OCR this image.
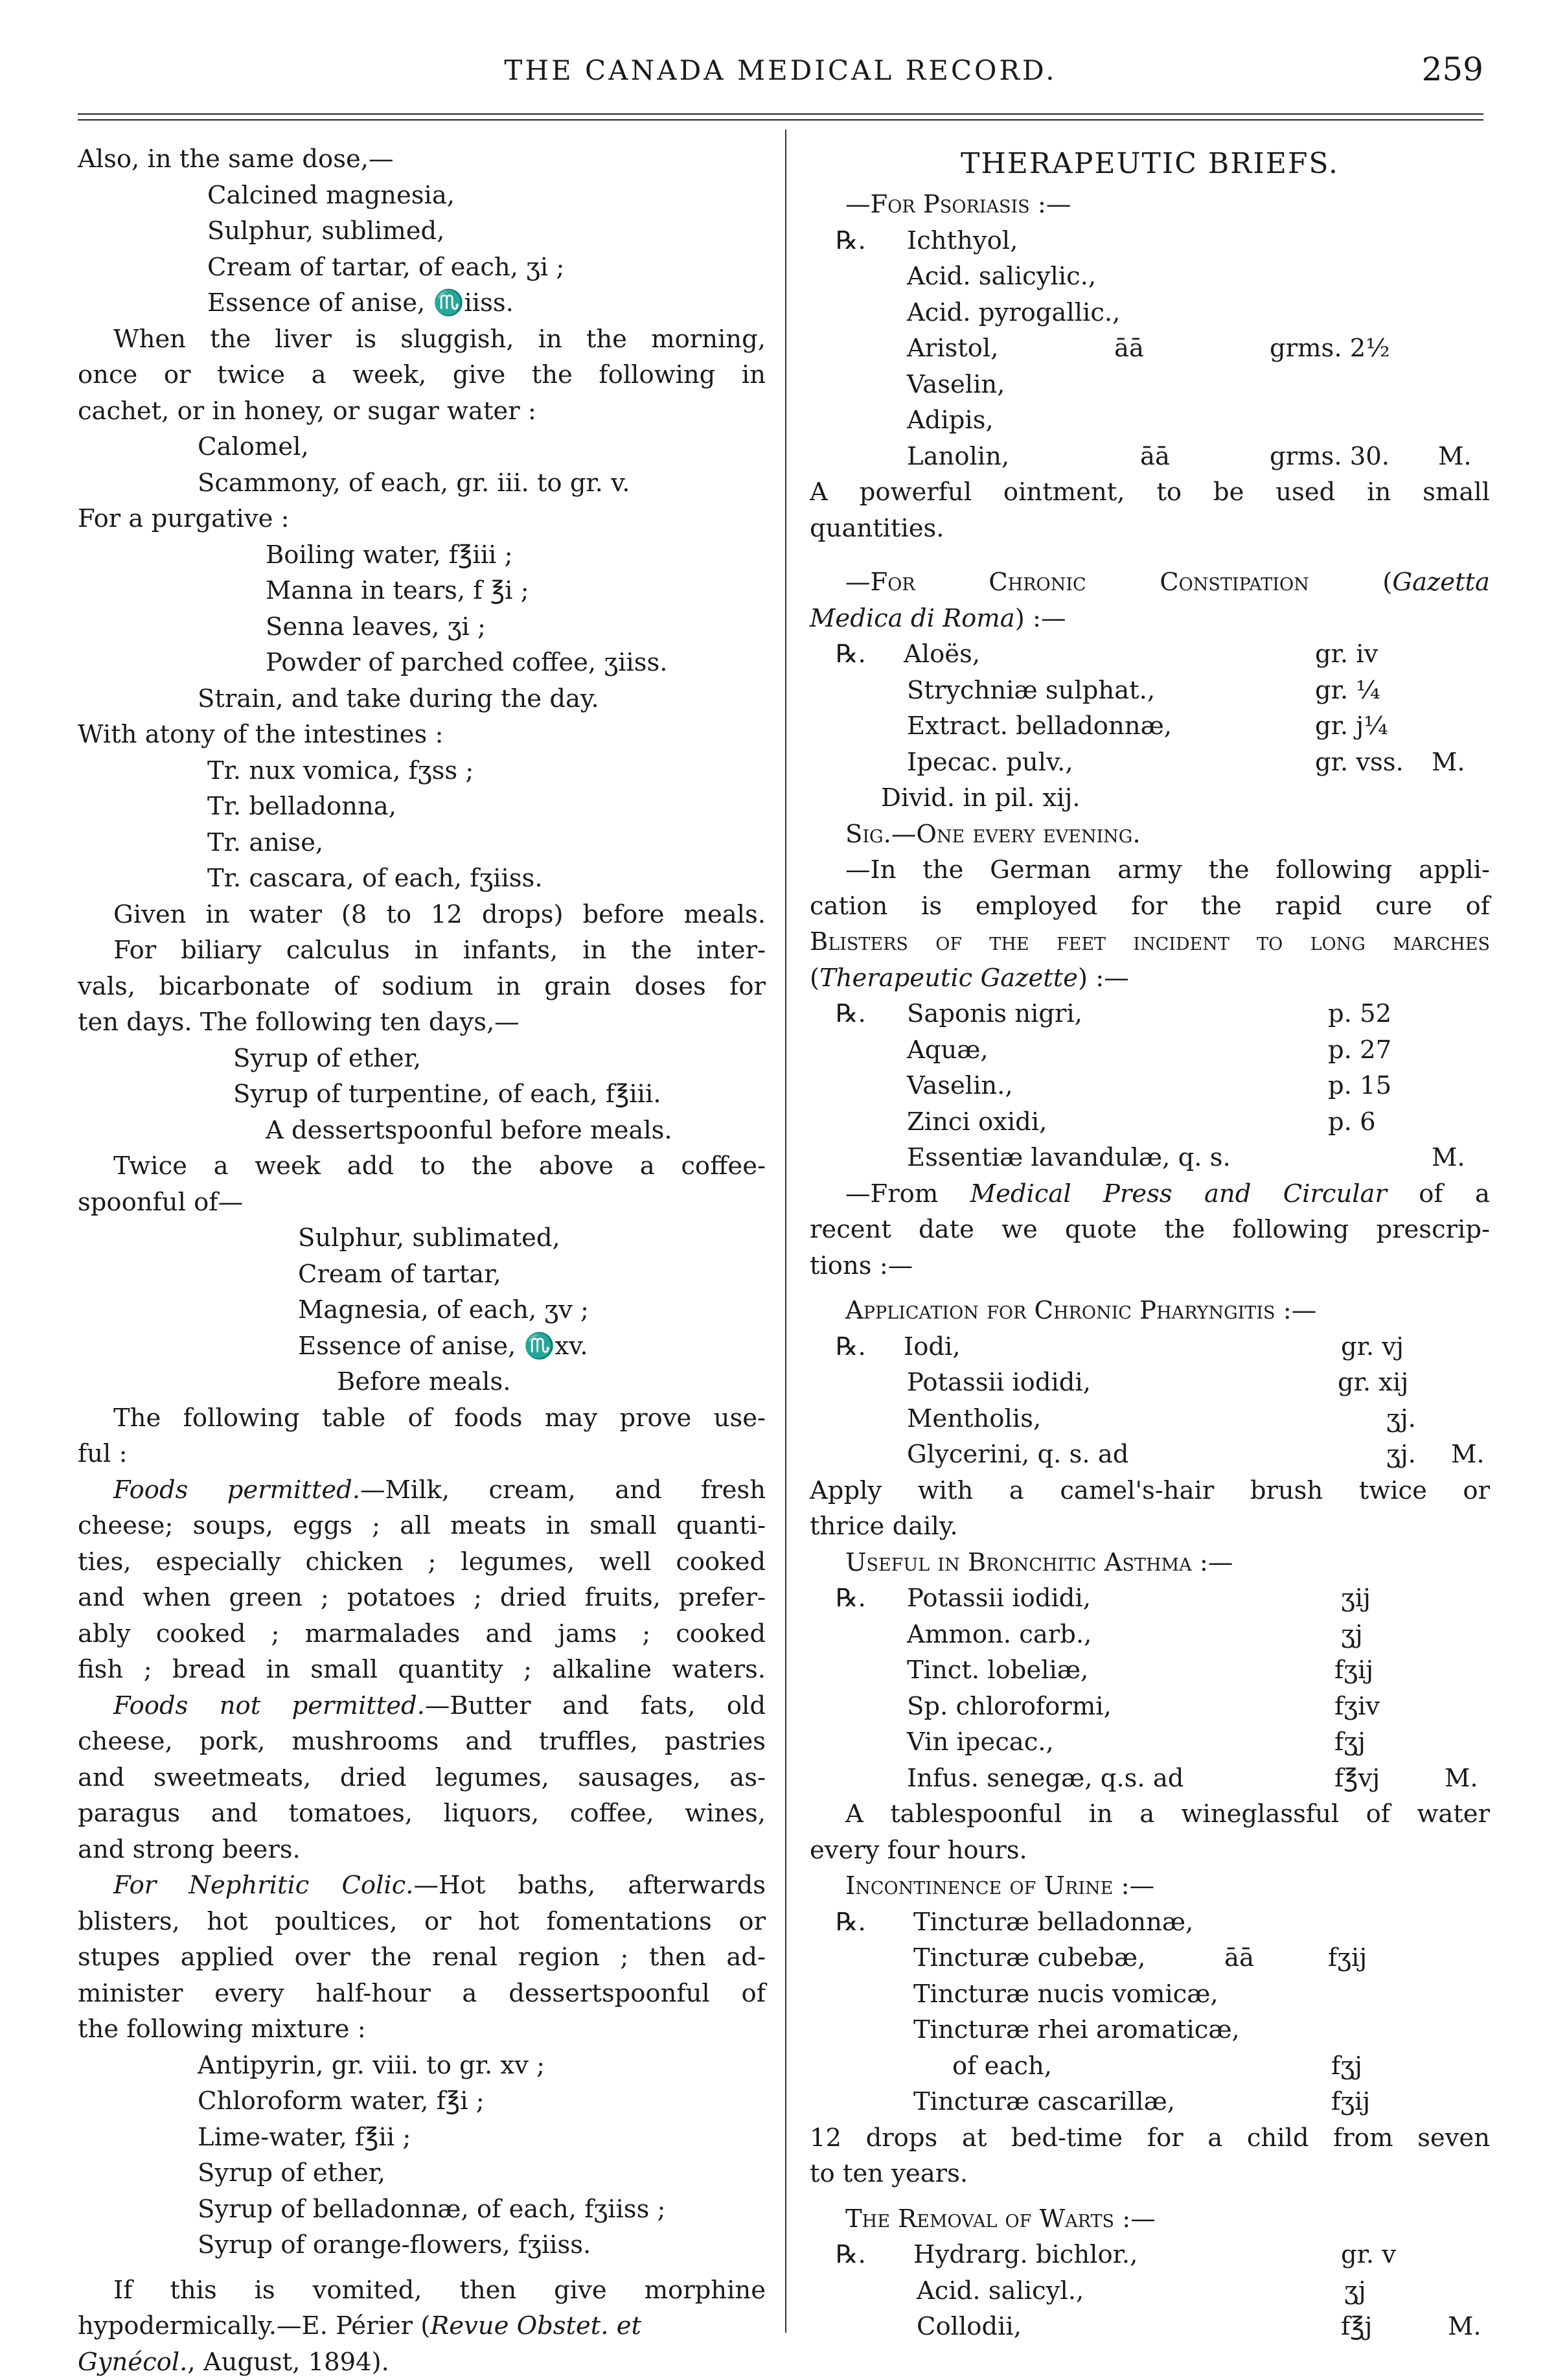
THE CANADA MEDICAL RECORD.	259
Also, in the same dose,—
Calcined magnesia,
Sulphur, sublimed,
Cream of tartar, of each, ʒi ;
Essence of anise, ♏iiss.
When the liver is sluggish, in the morning,
once or twice a week, give the following in
cachet, or in honey, or sugar water :
Calomel,
Scammony, of each, gr. iii. to gr. v.
For a purgative :
Boiling water, f℥iii ;
Manna in tears, f ℥i ;
Senna leaves, ʒi ;
Powder of parched coffee, ʒiiss.
Strain, and take during the day.
With atony of the intestines :
Tr. nux vomica, fʒss ;
Tr. belladonna,
Tr. anise,
Tr. cascara, of each, fʒiiss.
Given in water (8 to 12 drops) before meals.
For biliary calculus in infants, in the inter-
vals, bicarbonate of sodium in grain doses for
ten days. The following ten days,—
Syrup of ether,
Syrup of turpentine, of each, f℥iii.
A dessertspoonful before meals.
Twice a week add to the above a coffee-
spoonful of—
Sulphur, sublimated,
Cream of tartar,
Magnesia, of each, ʒv ;
Essence of anise, ♏xv.
Before meals.
The following table of foods may prove use-
ful :
Foods permitted.—Milk, cream, and fresh
cheese; soups, eggs ; all meats in small quanti-
ties, especially chicken ; legumes, well cooked
and when green ; potatoes ; dried fruits, prefer-
ably cooked ; marmalades and jams ; cooked
fish ; bread in small quantity ; alkaline waters.
Foods not permitted.—Butter and fats, old
cheese, pork, mushrooms and truffles, pastries
and sweetmeats, dried legumes, sausages, as-
paragus and tomatoes, liquors, coffee, wines,
and strong beers.
For Nephritic Colic.—Hot baths, afterwards
blisters, hot poultices, or hot fomentations or
stupes applied over the renal region ; then ad-
minister every half-hour a dessertspoonful of
the following mixture :
Antipyrin, gr. viii. to gr. xv ;
Chloroform water, f℥i ;
Lime-water, f℥ii ;
Syrup of ether,
Syrup of belladonnæ, of each, fʒiiss ;
Syrup of orange-flowers, fʒiiss.
If this is vomited, then give morphine
hypodermically.—E. Périer (Revue Obstet. et
Gynécol., August, 1894).
THERAPEUTIC BRIEFS.
—For Psoriasis :—
℞. Ichthyol,
Acid. salicylic.,
Acid. pyrogallic.,
Aristol,	āā	grms. 2½
Vaselin,
Adipis,
Lanolin,	āā	grms. 30. M.
A powerful ointment, to be used in small
quantities.
—For Chronic Constipation (Gazetta
Medica di Roma) :—
℞. Aloës,	gr. iv
Strychniæ sulphat.,	gr. ¼
Extract. belladonnæ,	gr. j¼
Ipecac. pulv.,	gr. vss. M.
Divid. in pil. xij.
Sig.—One every evening.
—In the German army the following appli-
cation is employed for the rapid cure of
Blisters of the feet incident to long marches
(Therapeutic Gazette) :—
℞. Saponis nigri,	p. 52
Aquæ,	p. 27
Vaselin.,	p. 15
Zinci oxidi,	p. 6
Essentiæ lavandulæ, q. s.	M.
—From Medical Press and Circular of a
recent date we quote the following prescrip-
tions :—
Application for Chronic Pharyngitis :—
℞. Iodi,	gr. vj
Potassii iodidi,	gr. xij
Mentholis,	ʒj.
Glycerini, q. s. ad	ʒj. M.
Apply with a camel's-hair brush twice or
thrice daily.
Useful in Bronchitic Asthma :—
℞. Potassii iodidi,	ʒij
Ammon. carb.,	ʒj
Tinct. lobeliæ,	fʒij
Sp. chloroformi,	fʒiv
Vin ipecac.,	fʒj
Infus. senegæ, q.s. ad	f℥vj	M.
A tablespoonful in a wineglassful of water
every four hours.
Incontinence of Urine :—
℞. Tincturæ belladonnæ,
Tincturæ cubebæ,	āā	fʒij
Tincturæ nucis vomicæ,
Tincturæ rhei aromaticæ,
of each,	fʒj
Tincturæ cascarillæ,	fʒij
12 drops at bed-time for a child from seven
to ten years.
The Removal of Warts :—
℞. Hydrarg. bichlor.,	gr. v
Acid. salicyl.,	ʒj
Collodii,	f℥j	M.
